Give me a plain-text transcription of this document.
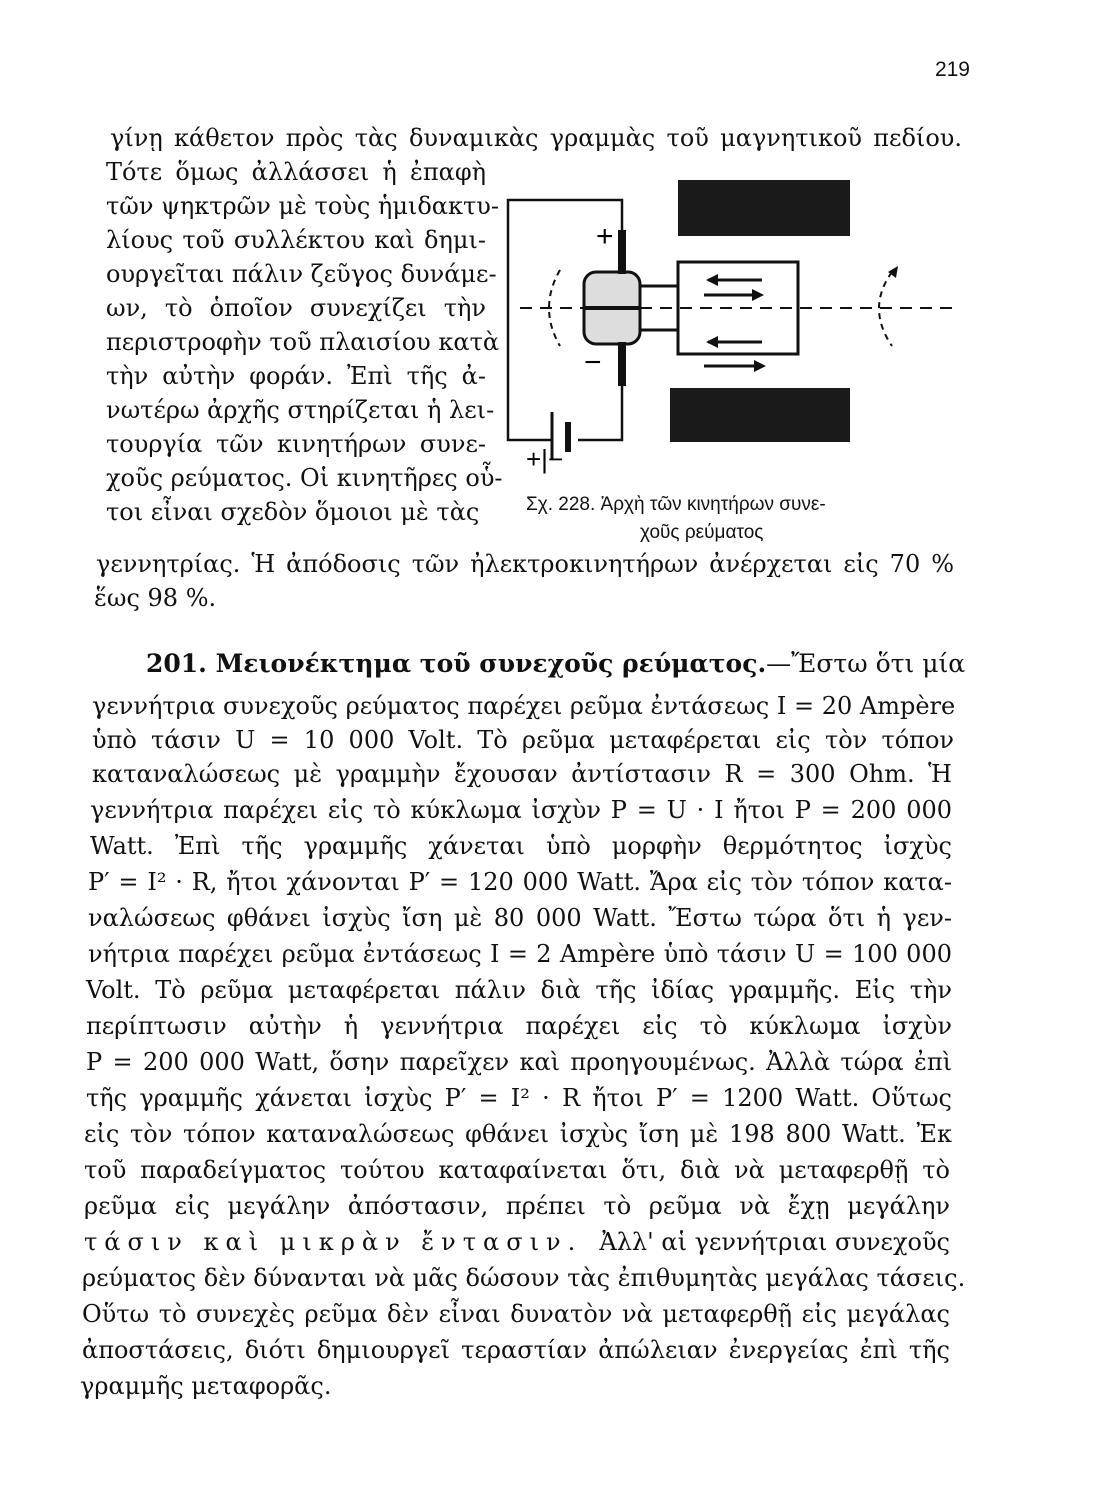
219
γίνῃ κάθετον πρὸς τὰς δυναμικὰς γραμμὰς τοῦ μαγνητικοῦ πεδίου.
Τότε ὅμως ἀλλάσσει ἡ ἐπαφὴ
τῶν ψηκτρῶν μὲ τοὺς ἡμιδακτυ-
λίους τοῦ συλλέκτου καὶ δημι-
ουργεῖται πάλιν ζεῦγος δυνάμε-
ων, τὸ ὁποῖον συνεχίζει τὴν
περιστροφὴν τοῦ πλαισίου κατὰ
τὴν αὐτὴν φοράν. Ἐπὶ τῆς ἀ-
νωτέρω ἀρχῆς στηρίζεται ἡ λει-
τουργία τῶν κινητήρων συνε-
χοῦς ρεύματος. Οἱ κινητῆρες οὗ-
τοι εἶναι σχεδὸν ὅμοιοι μὲ τὰς
γεννητρίας. Ἡ ἀπόδοσις τῶν ἠλεκτροκινητήρων ἀνέρχεται εἰς 70 %
ἕως 98 %.
+
−
+|−
Σχ. 228. Ἀρχὴ τῶν κινητήρων συνε-
χοῦς ρεύματος
201. Μειονέκτημα τοῦ συνεχοῦς ρεύματος.—Ἔστω ὅτι μία
γεννήτρια συνεχοῦς ρεύματος παρέχει ρεῦμα ἐντάσεως I = 20 Ampère
ὑπὸ τάσιν U = 10 000 Volt. Τὸ ρεῦμα μεταφέρεται εἰς τὸν τόπον
καταναλώσεως μὲ γραμμὴν ἔχουσαν ἀντίστασιν R = 300 Ohm. Ἡ
γεννήτρια παρέχει εἰς τὸ κύκλωμα ἰσχὺν P = U · I ἤτοι P = 200 000
Watt. Ἐπὶ τῆς γραμμῆς χάνεται ὑπὸ μορφὴν θερμότητος ἰσχὺς
P′ = I² · R, ἤτοι χάνονται P′ = 120 000 Watt. Ἄρα εἰς τὸν τόπον κατα-
ναλώσεως φθάνει ἰσχὺς ἴση μὲ 80 000 Watt. Ἔστω τώρα ὅτι ἡ γεν-
νήτρια παρέχει ρεῦμα ἐντάσεως I = 2 Ampère ὑπὸ τάσιν U = 100 000
Volt. Τὸ ρεῦμα μεταφέρεται πάλιν διὰ τῆς ἰδίας γραμμῆς. Εἰς τὴν
περίπτωσιν αὐτὴν ἡ γεννήτρια παρέχει εἰς τὸ κύκλωμα ἰσχὺν
P = 200 000 Watt, ὅσην παρεῖχεν καὶ προηγουμένως. Ἀλλὰ τώρα ἐπὶ
τῆς γραμμῆς χάνεται ἰσχὺς P′ = I² · R ἤτοι P′ = 1200 Watt. Οὕτως
εἰς τὸν τόπον καταναλώσεως φθάνει ἰσχὺς ἴση μὲ 198 800 Watt. Ἐκ
τοῦ παραδείγματος τούτου καταφαίνεται ὅτι, διὰ νὰ μεταφερθῇ τὸ
ρεῦμα εἰς μεγάλην ἀπόστασιν, πρέπει τὸ ρεῦμα νὰ ἔχῃ μεγάλην
τάσιν καὶ μικρὰν ἔντασιν. Ἀλλ' αἱ γεννήτριαι συνεχοῦς
ρεύματος δὲν δύνανται νὰ μᾶς δώσουν τὰς ἐπιθυμητὰς μεγάλας τάσεις.
Οὕτω τὸ συνεχὲς ρεῦμα δὲν εἶναι δυνατὸν νὰ μεταφερθῇ εἰς μεγάλας
ἀποστάσεις, διότι δημιουργεῖ τεραστίαν ἀπώλειαν ἐνεργείας ἐπὶ τῆς
γραμμῆς μεταφορᾶς.
